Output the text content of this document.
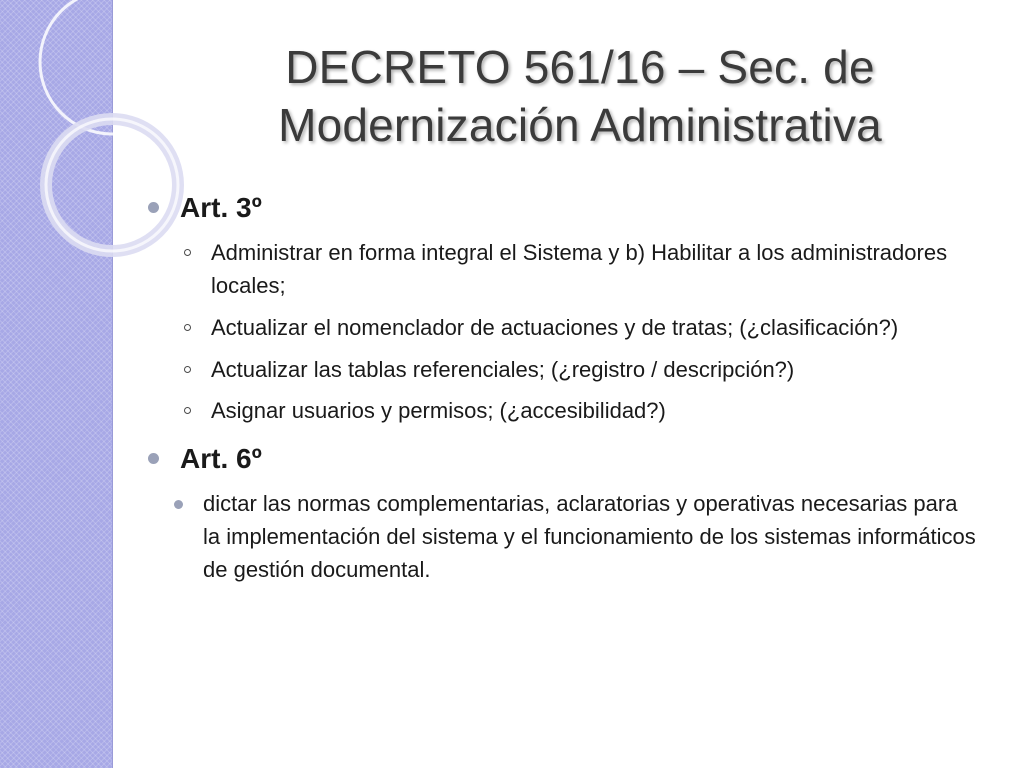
DECRETO 561/16 – Sec. de
Modernización Administrativa
Art. 3º
Administrar en forma integral el Sistema y b) Habilitar a los administradores locales;
Actualizar el nomenclador de actuaciones y de tratas; (¿clasificación?)
Actualizar las tablas referenciales; (¿registro / descripción?)
Asignar usuarios y permisos; (¿accesibilidad?)
Art. 6º
dictar las normas complementarias, aclaratorias y operativas necesarias para la implementación del sistema y el funcionamiento de los sistemas informáticos de gestión documental.
